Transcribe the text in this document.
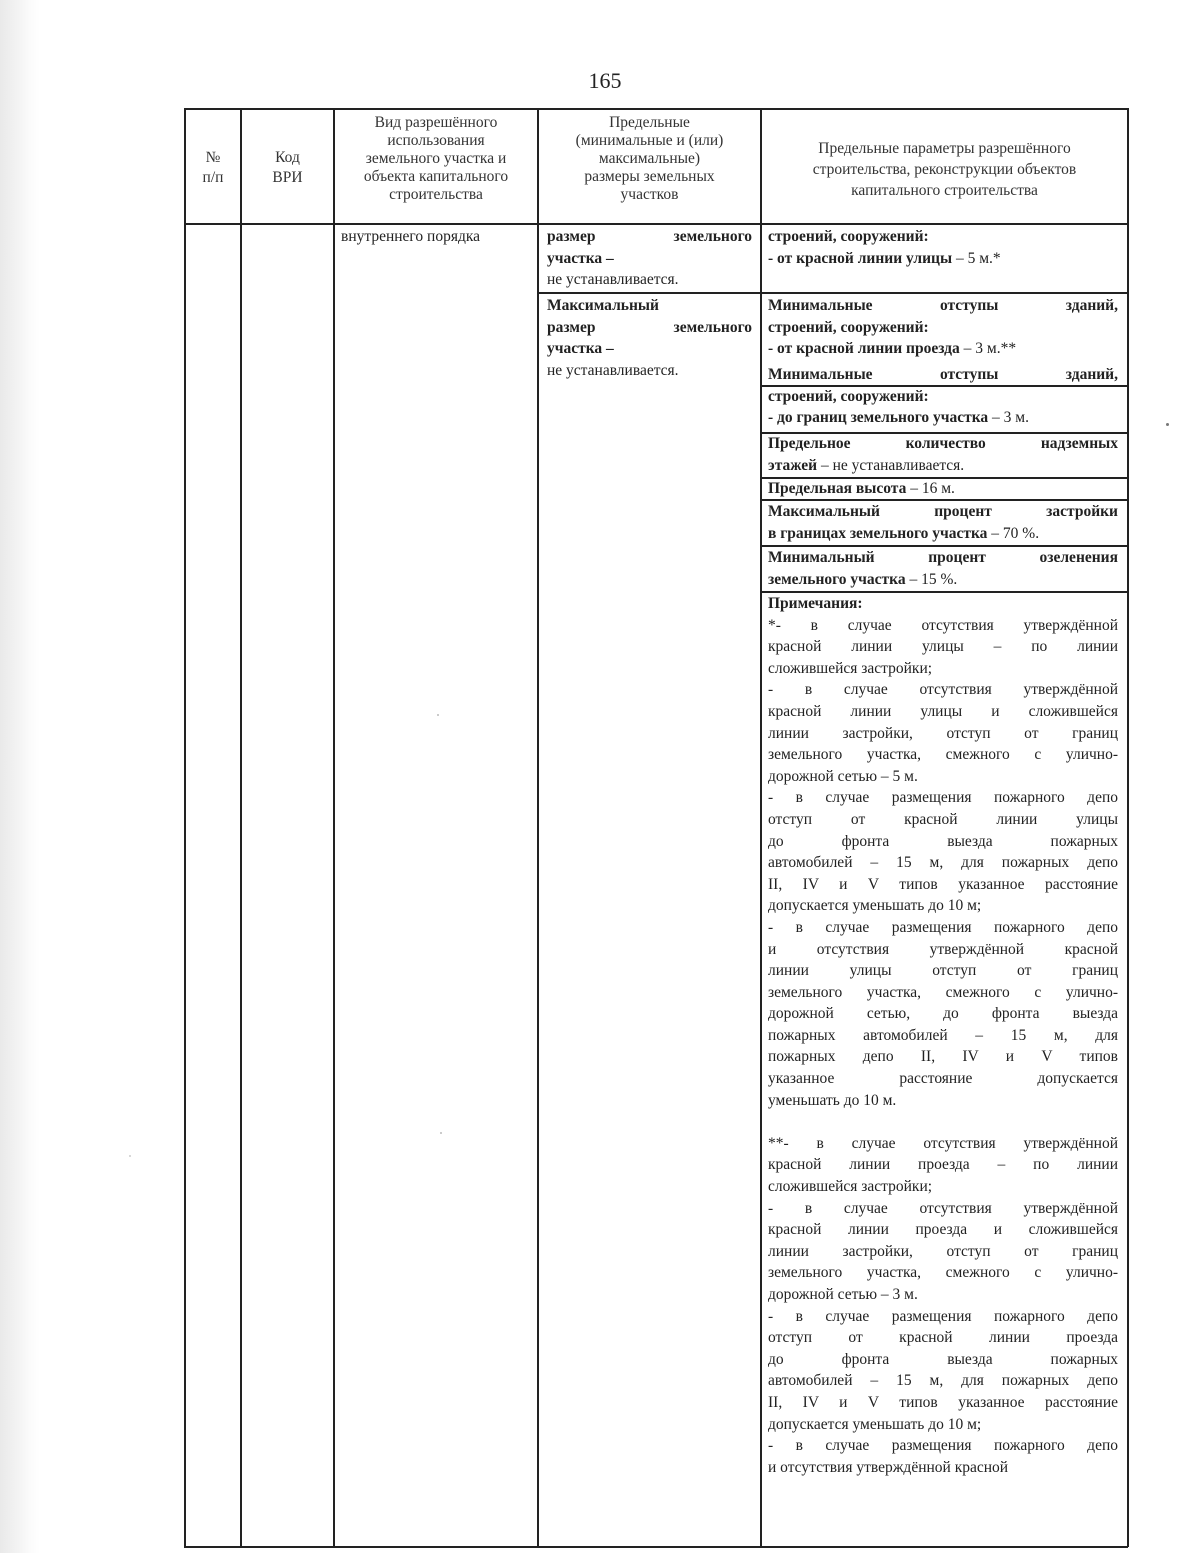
165
№
п/п
Код
ВРИ
Вид разрешённого
использования
земельного участка и
объекта капитального
строительства
Предельные
(минимальные и (или)
максимальные)
размеры земельных
участков
Предельные параметры разрешённого
строительства, реконструкции объектов
капитального строительства
внутреннего порядка	размер земельного
участка –
не устанавливается.
Максимальный
размер земельного
участка –
не устанавливается.
строений, сооружений:
- от красной линии улицы – 5 м.*
Минимальные отступы зданий,
строений, сооружений:
- от красной линии проезда – 3 м.**
Минимальные отступы зданий,
строений, сооружений:
- до границ земельного участка – 3 м.
Предельное количество надземных
этажей – не устанавливается.
Предельная высота – 16 м.
Максимальный процент застройки
в границах земельного участка – 70 %.
Минимальный процент озеленения
земельного участка – 15 %.
Примечания:
*- в случае отсутствия утверждённой
красной линии улицы – по линии
сложившейся застройки;
- в случае отсутствия утверждённой
красной линии улицы и сложившейся
линии застройки, отступ от границ
земельного участка, смежного с улично-
дорожной сетью – 5 м.
- в случае размещения пожарного депо
отступ от красной линии улицы
до фронта выезда пожарных
автомобилей – 15 м, для пожарных депо
II, IV и V типов указанное расстояние
допускается уменьшать до 10 м;
- в случае размещения пожарного депо
и отсутствия утверждённой красной
линии улицы отступ от границ
земельного участка, смежного с улично-
дорожной сетью, до фронта выезда
пожарных автомобилей – 15 м, для
пожарных депо II, IV и V типов
указанное расстояние допускается
уменьшать до 10 м.
**- в случае отсутствия утверждённой
красной линии проезда – по линии
сложившейся застройки;
- в случае отсутствия утверждённой
красной линии проезда и сложившейся
линии застройки, отступ от границ
земельного участка, смежного с улично-
дорожной сетью – 3 м.
- в случае размещения пожарного депо
отступ от красной линии проезда
до фронта выезда пожарных
автомобилей – 15 м, для пожарных депо
II, IV и V типов указанное расстояние
допускается уменьшать до 10 м;
- в случае размещения пожарного депо
и отсутствия утверждённой красной
